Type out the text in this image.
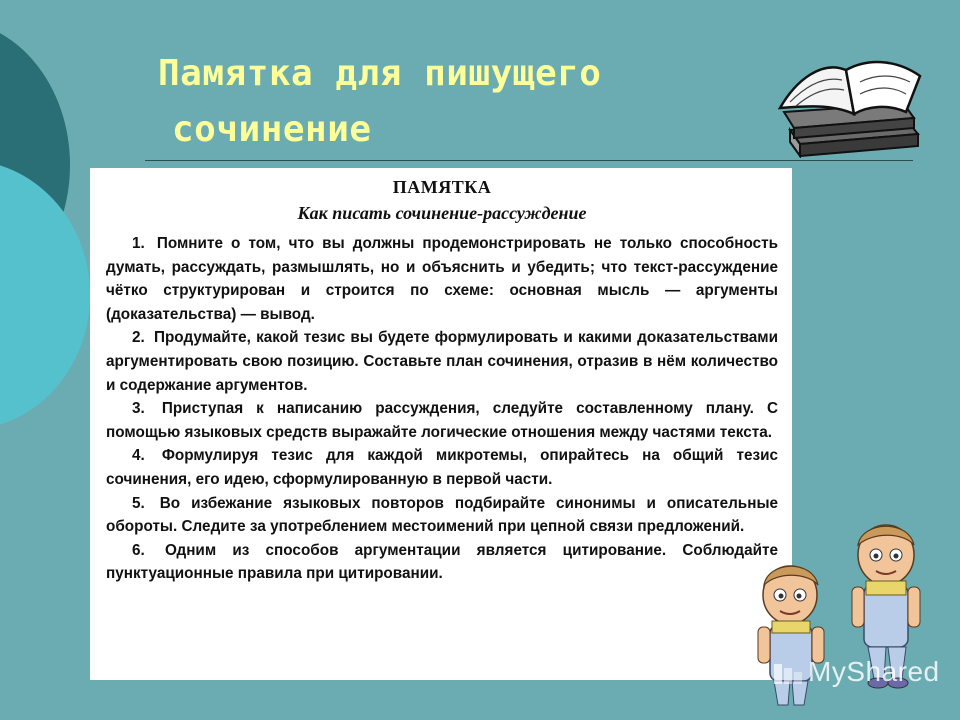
Памятка для пишущего
сочинение

ПАМЯТКА

Как писать сочинение-рассуждение

1. Помните о том, что вы должны продемонстрировать не только способность думать, рассуждать, размышлять, но и объяснить и убедить; что текст-рассуждение чётко структурирован и строится по схеме: основная мысль — аргументы (доказательства) — вывод.

2. Продумайте, какой тезис вы будете формулировать и какими доказательствами аргументировать свою позицию. Составьте план сочинения, отразив в нём количество и содержание аргументов.

3. Приступая к написанию рассуждения, следуйте составленному плану. С помощью языковых средств выражайте логические отношения между частями текста.

4. Формулируя тезис для каждой микротемы, опирайтесь на общий тезис сочинения, его идею, сформулированную в первой части.

5. Во избежание языковых повторов подбирайте синонимы и описательные обороты. Следите за употреблением местоимений при цепной связи предложений.

6. Одним из способов аргументации является цитирование. Соблюдайте пунктуационные правила при цитировании.

MyShared
